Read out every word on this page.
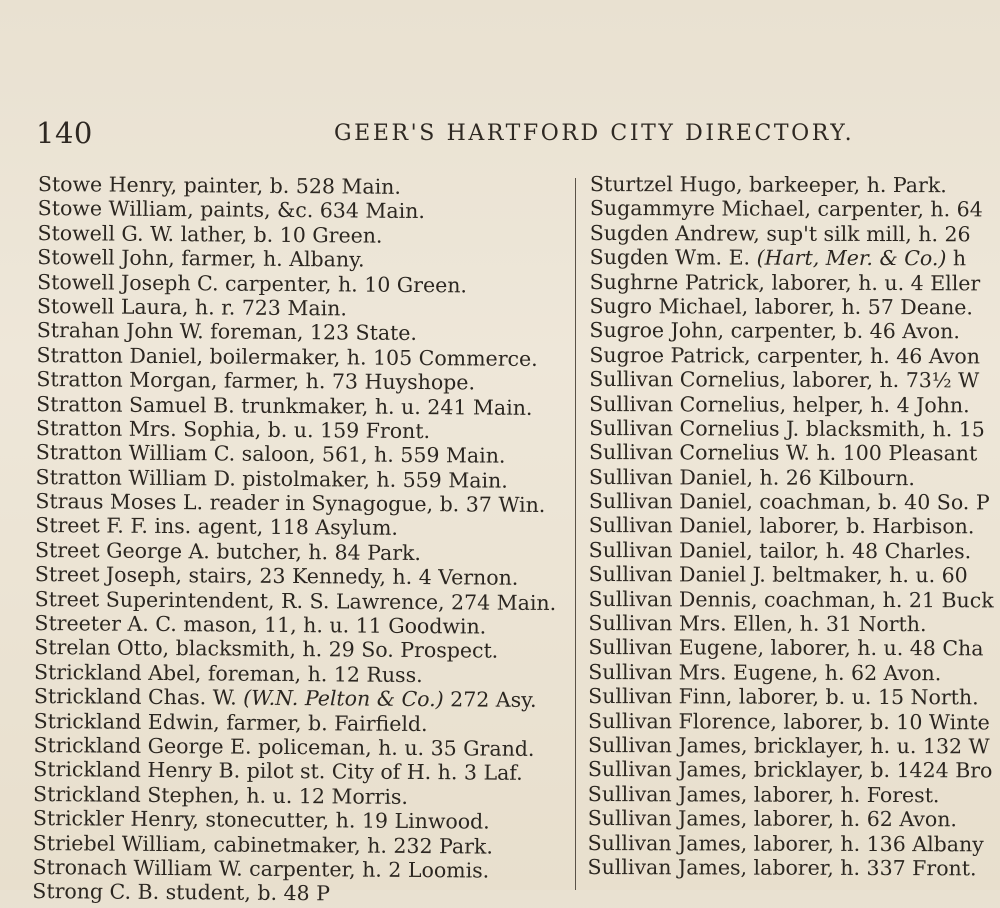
140	GEER'S HARTFORD CITY DIRECTORY.
Stowe Henry, painter, b. 528 Main.
Stowe William, paints, &c. 634 Main.
Stowell G. W. lather, b. 10 Green.
Stowell John, farmer, h. Albany.
Stowell Joseph C. carpenter, h. 10 Green.
Stowell Laura, h. r. 723 Main.
Strahan John W. foreman, 123 State.
Stratton Daniel, boilermaker, h. 105 Commerce.
Stratton Morgan, farmer, h. 73 Huyshope.
Stratton Samuel B. trunkmaker, h. u. 241 Main.
Stratton Mrs. Sophia, b. u. 159 Front.
Stratton William C. saloon, 561, h. 559 Main.
Stratton William D. pistolmaker, h. 559 Main.
Straus Moses L. reader in Synagogue, b. 37 Win.
Street F. F. ins. agent, 118 Asylum.
Street George A. butcher, h. 84 Park.
Street Joseph, stairs, 23 Kennedy, h. 4 Vernon.
Street Superintendent, R. S. Lawrence, 274 Main.
Streeter A. C. mason, 11, h. u. 11 Goodwin.
Strelan Otto, blacksmith, h. 29 So. Prospect.
Strickland Abel, foreman, h. 12 Russ.
Strickland Chas. W. (W.N. Pelton & Co.) 272 Asy.
Strickland Edwin, farmer, b. Fairfield.
Strickland George E. policeman, h. u. 35 Grand.
Strickland Henry B. pilot st. City of H. h. 3 Laf.
Strickland Stephen, h. u. 12 Morris.
Strickler Henry, stonecutter, h. 19 Linwood.
Striebel William, cabinetmaker, h. 232 Park.
Stronach William W. carpenter, h. 2 Loomis.
Strong C. B. student, b. 48 P
Sturtzel Hugo, barkeeper, h. Park.
Sugammyre Michael, carpenter, h. 64
Sugden Andrew, sup't silk mill, h. 26
Sugden Wm. E. (Hart, Mer. & Co.) h
Sughrne Patrick, laborer, h. u. 4 Eller
Sugro Michael, laborer, h. 57 Deane.
Sugroe John, carpenter, b. 46 Avon.
Sugroe Patrick, carpenter, h. 46 Avon
Sullivan Cornelius, laborer, h. 73½ W
Sullivan Cornelius, helper, h. 4 John.
Sullivan Cornelius J. blacksmith, h. 15
Sullivan Cornelius W. h. 100 Pleasant
Sullivan Daniel, h. 26 Kilbourn.
Sullivan Daniel, coachman, b. 40 So. P
Sullivan Daniel, laborer, b. Harbison.
Sullivan Daniel, tailor, h. 48 Charles.
Sullivan Daniel J. beltmaker, h. u. 60
Sullivan Dennis, coachman, h. 21 Buck
Sullivan Mrs. Ellen, h. 31 North.
Sullivan Eugene, laborer, h. u. 48 Cha
Sullivan Mrs. Eugene, h. 62 Avon.
Sullivan Finn, laborer, b. u. 15 North.
Sullivan Florence, laborer, b. 10 Winte
Sullivan James, bricklayer, h. u. 132 W
Sullivan James, bricklayer, b. 1424 Bro
Sullivan James, laborer, h. Forest.
Sullivan James, laborer, h. 62 Avon.
Sullivan James, laborer, h. 136 Albany
Sullivan James, laborer, h. 337 Front.
